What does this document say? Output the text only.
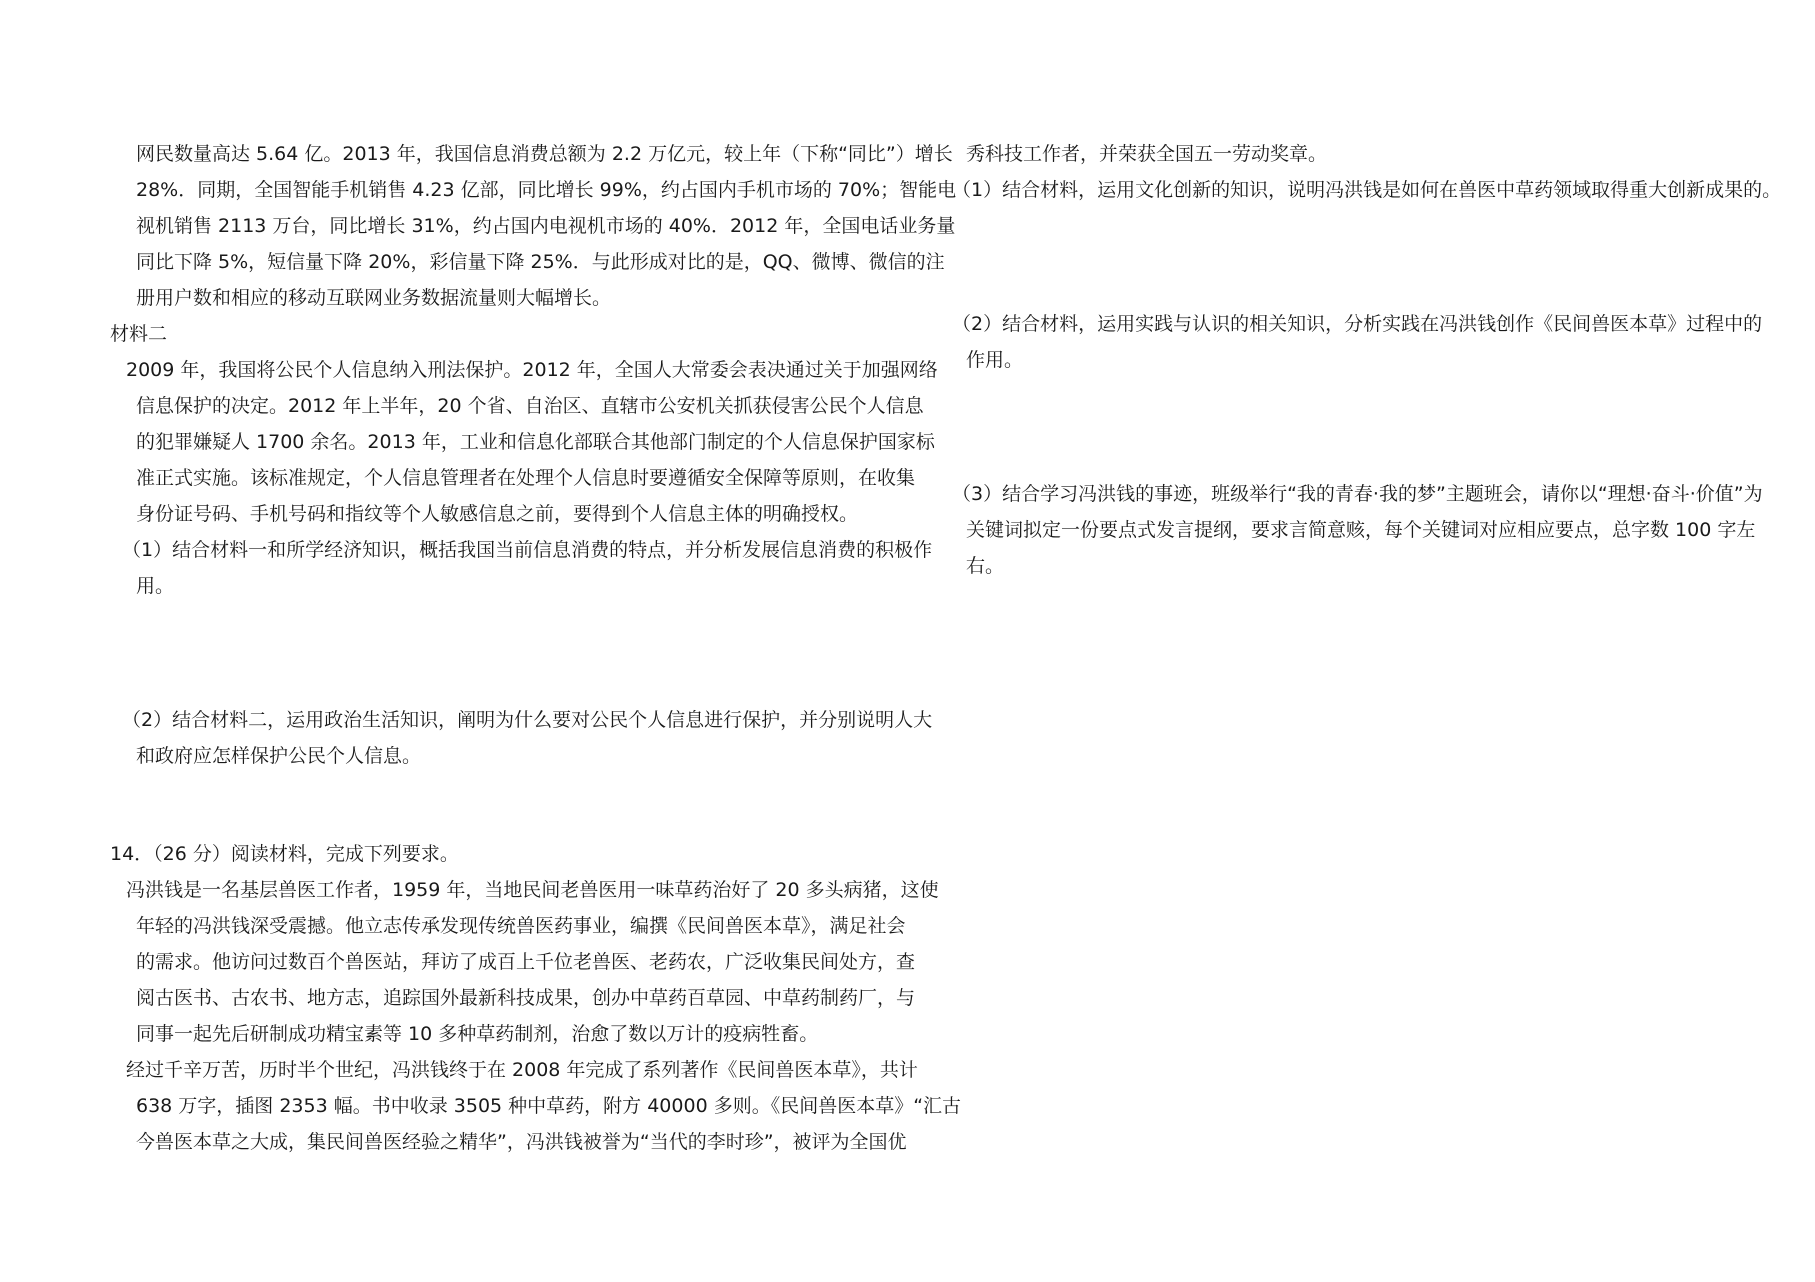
网民数量高达 5.64 亿。2013 年，我国信息消费总额为 2.2 万亿元，较上年（下称“同比”）增长
28%．同期，全国智能手机销售 4.23 亿部，同比增长 99%，约占国内手机市场的 70%；智能电
视机销售 2113 万台，同比增长 31%，约占国内电视机市场的 40%．2012 年，全国电话业务量
同比下降 5%，短信量下降 20%，彩信量下降 25%．与此形成对比的是，QQ、微博、微信的注
册用户数和相应的移动互联网业务数据流量则大幅增长。
材料二
2009 年，我国将公民个人信息纳入刑法保护。2012 年，全国人大常委会表决通过关于加强网络
信息保护的决定。2012 年上半年，20 个省、自治区、直辖市公安机关抓获侵害公民个人信息
的犯罪嫌疑人 1700 余名。2013 年，工业和信息化部联合其他部门制定的个人信息保护国家标
准正式实施。该标准规定，个人信息管理者在处理个人信息时要遵循安全保障等原则，在收集
身份证号码、手机号码和指纹等个人敏感信息之前，要得到个人信息主体的明确授权。
（1）结合材料一和所学经济知识，概括我国当前信息消费的特点，并分析发展信息消费的积极作
用。
（2）结合材料二，运用政治生活知识，阐明为什么要对公民个人信息进行保护，并分别说明人大
和政府应怎样保护公民个人信息。
14．（26 分）阅读材料，完成下列要求。
冯洪钱是一名基层兽医工作者，1959 年，当地民间老兽医用一味草药治好了 20 多头病猪，这使
年轻的冯洪钱深受震撼。他立志传承发现传统兽医药事业，编撰《民间兽医本草》，满足社会
的需求。他访问过数百个兽医站，拜访了成百上千位老兽医、老药农，广泛收集民间处方，查
阅古医书、古农书、地方志，追踪国外最新科技成果，创办中草药百草园、中草药制药厂，与
同事一起先后研制成功精宝素等 10 多种草药制剂，治愈了数以万计的疫病牲畜。
经过千辛万苦，历时半个世纪，冯洪钱终于在 2008 年完成了系列著作《民间兽医本草》，共计
638 万字，插图 2353 幅。书中收录 3505 种中草药，附方 40000 多则。《民间兽医本草》“汇古
今兽医本草之大成，集民间兽医经验之精华”，冯洪钱被誉为“当代的李时珍”，被评为全国优
秀科技工作者，并荣获全国五一劳动奖章。
（1）结合材料，运用文化创新的知识，说明冯洪钱是如何在兽医中草药领域取得重大创新成果的。
（2）结合材料，运用实践与认识的相关知识，分析实践在冯洪钱创作《民间兽医本草》过程中的
作用。
（3）结合学习冯洪钱的事迹，班级举行“我的青春·我的梦”主题班会，请你以“理想·奋斗·价值”为
关键词拟定一份要点式发言提纲，要求言简意赅，每个关键词对应相应要点，总字数 100 字左
右。
